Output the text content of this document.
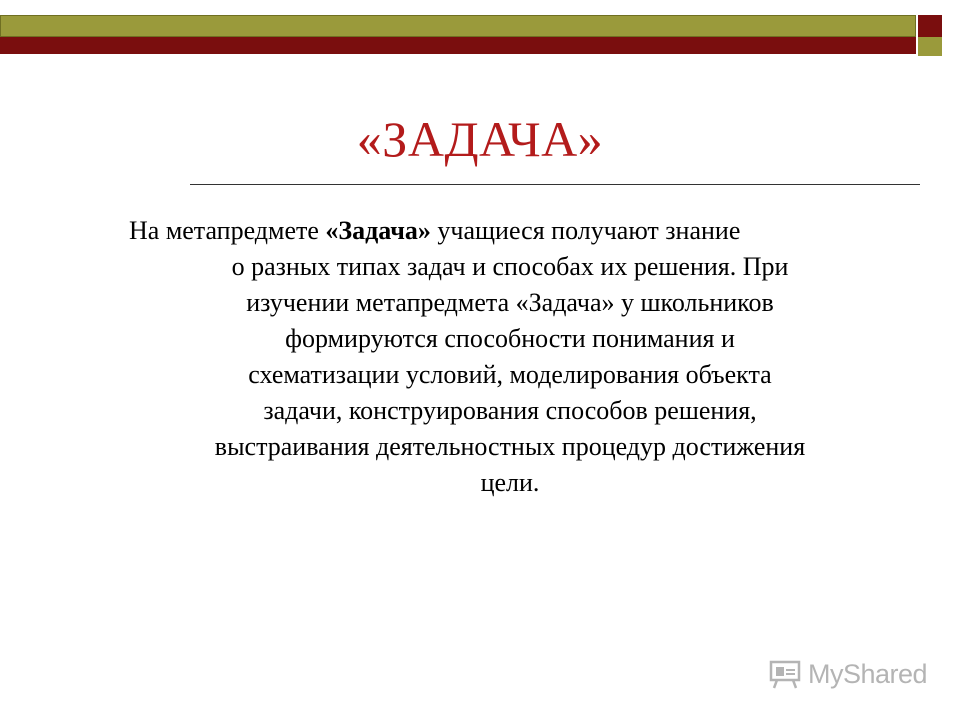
«ЗАДАЧА»
На метапредмете «Задача» учащиеся получают знание
о разных типах задач и способах их решения. При
изучении метапредмета «Задача» у школьников
формируются способности понимания и
схематизации условий, моделирования объекта
задачи, конструирования способов решения,
выстраивания деятельностных процедур достижения
цели.
MyShared
